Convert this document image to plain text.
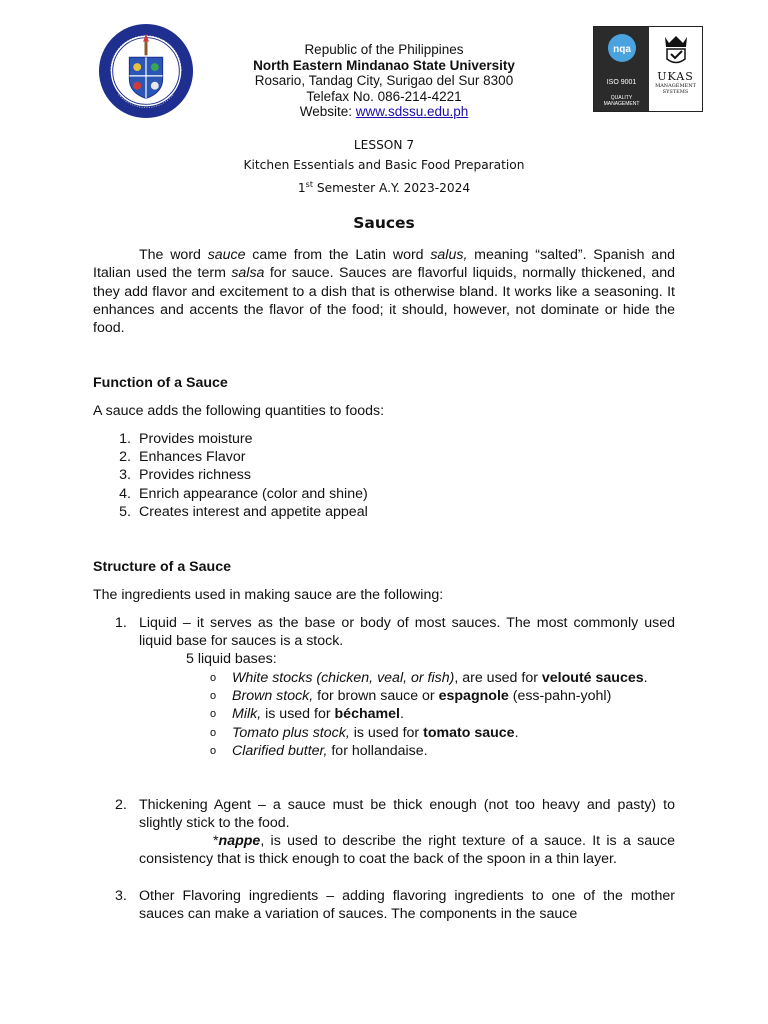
Republic of the Philippines
North Eastern Mindanao State University
Rosario, Tandag City, Surigao del Sur 8300
Telefax No. 086-214-4221
Website: www.sdssu.edu.ph
nqa
ISO 9001
QUALITY
MANAGEMENT
UKAS
MANAGEMENT
SYSTEMS
LESSON 7
Kitchen Essentials and Basic Food Preparation
1st Semester A.Y. 2023-2024
Sauces
The word sauce came from the Latin word salus, meaning “salted”. Spanish and Italian used the term salsa for sauce. Sauces are flavorful liquids, normally thickened, and they add flavor and excitement to a dish that is otherwise bland. It works like a seasoning. It enhances and accents the flavor of the food; it should, however, not dominate or hide the food.
Function of a Sauce
A sauce adds the following quantities to foods:
1. Provides moisture
2. Enhances Flavor
3. Provides richness
4. Enrich appearance (color and shine)
5. Creates interest and appetite appeal
Structure of a Sauce
The ingredients used in making sauce are the following:
1. Liquid – it serves as the base or body of most sauces. The most commonly used liquid base for sauces is a stock.
5 liquid bases:
o	White stocks (chicken, veal, or fish), are used for velouté sauces.
o	Brown stock, for brown sauce or espagnole (ess-pahn-yohl)
o	Milk, is used for béchamel.
o	Tomato plus stock, is used for tomato sauce.
o	Clarified butter, for hollandaise.
2. Thickening Agent – a sauce must be thick enough (not too heavy and pasty) to slightly stick to the food.
*nappe, is used to describe the right texture of a sauce. It is a sauce consistency that is thick enough to coat the back of the spoon in a thin layer.
3. Other Flavoring ingredients – adding flavoring ingredients to one of the mother sauces can make a variation of sauces. The components in the sauce
